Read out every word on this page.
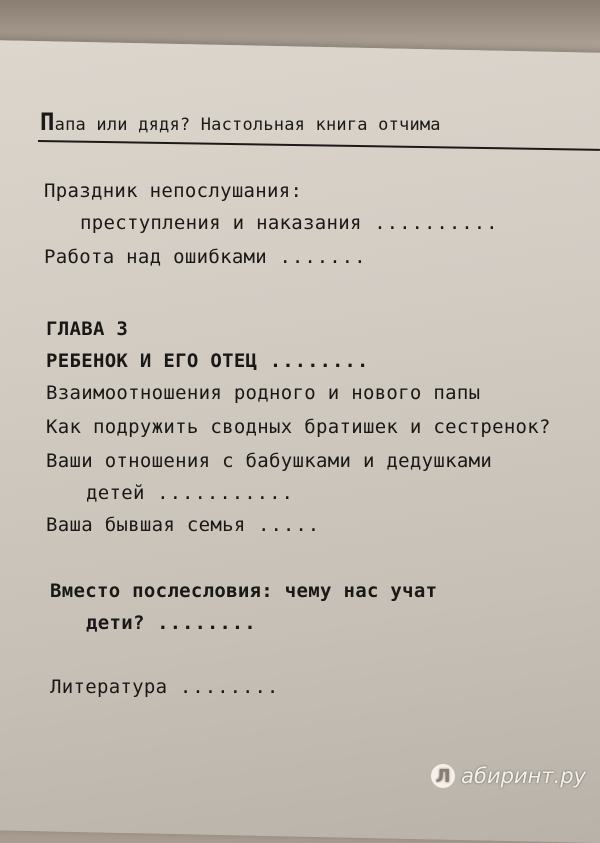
Папа или дядя? Настольная книга отчима
Праздник непослушания:
преступления и наказания ..........
Работа над ошибками .......
ГЛАВА 3
РЕБЕНОК И ЕГО ОТЕЦ ........
Взаимоотношения родного и нового папы
Как подружить сводных братишек и сестренок?
Ваши отношения с бабушками и дедушками
детей ...........
Ваша бывшая семья .....
Вместо послесловия: чему нас учат
дети? ........
Литература ........
Л абиринт.ру
